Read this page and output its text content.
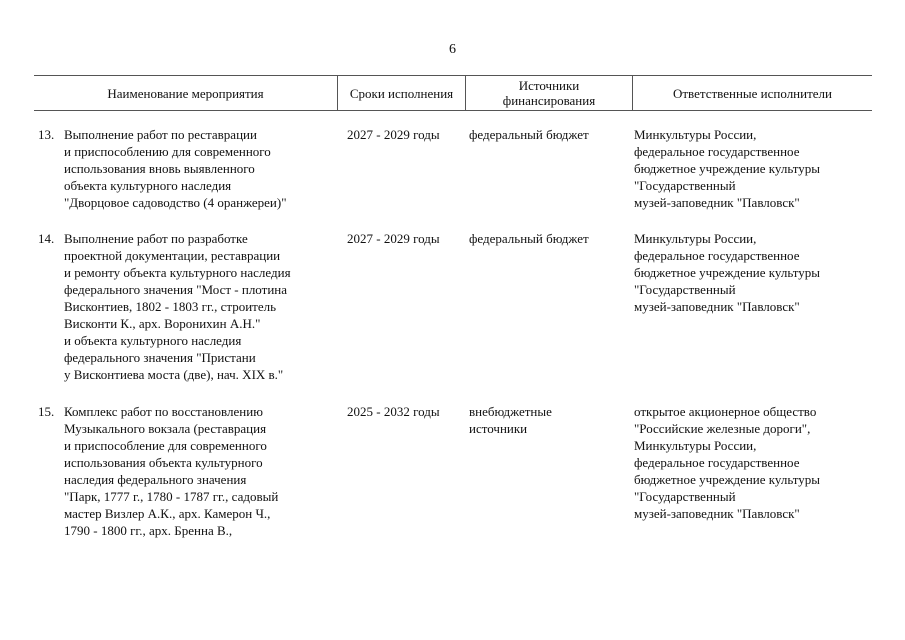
6
Наименование мероприятия	Сроки исполнения	Источники
финансирования	Ответственные исполнители
13. Выполнение работ по реставрации
и приспособлению для современного
использования вновь выявленного
объекта культурного наследия
"Дворцовое садоводство (4 оранжереи)"
2027 - 2029 годы	федеральный бюджет	Минкультуры России,
федеральное государственное
бюджетное учреждение культуры
"Государственный
музей-заповедник "Павловск"
14. Выполнение работ по разработке
проектной документации, реставрации
и ремонту объекта культурного наследия
федерального значения "Мост - плотина
Висконтиев, 1802 - 1803 гг., строитель
Висконти К., арх. Воронихин А.Н."
и объекта культурного наследия
федерального значения "Пристани
у Висконтиева моста (две), нач. XIX в."
2027 - 2029 годы	федеральный бюджет	Минкультуры России,
федеральное государственное
бюджетное учреждение культуры
"Государственный
музей-заповедник "Павловск"
15. Комплекс работ по восстановлению
Музыкального вокзала (реставрация
и приспособление для современного
использования объекта культурного
наследия федерального значения
"Парк, 1777 г., 1780 - 1787 гг., садовый
мастер Визлер А.К., арх. Камерон Ч.,
1790 - 1800 гг., арх. Бренна В.,
2025 - 2032 годы	внебюджетные
источники
открытое акционерное общество
"Российские железные дороги",
Минкультуры России,
федеральное государственное
бюджетное учреждение культуры
"Государственный
музей-заповедник "Павловск"
